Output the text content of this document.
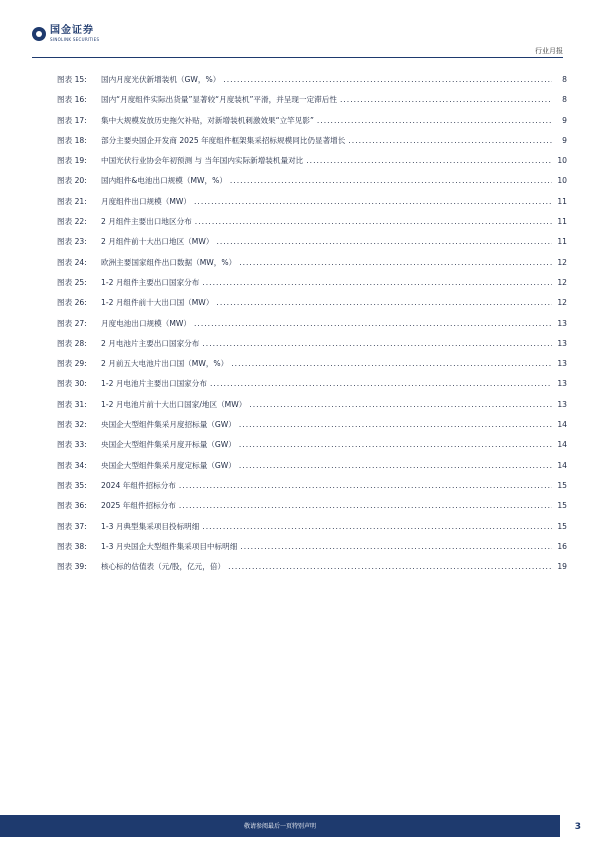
国金证券
SINOLINK SECURITIES
行业月报
图表 15:	国内月度光伏新增装机（GW，%） .....	8
图表 16:	国内“月度组件实际出货量”显著较“月度装机”平滑，并呈现一定滞后性 .....	8
图表 17:	集中大规模发放历史拖欠补贴，对新增装机刺激效果“立竿见影” .....	9
图表 18:	部分主要央国企开发商 2025 年度组件框架集采招标规模同比仍显著增长 .....	9
图表 19:	中国光伏行业协会年初预测 与 当年国内实际新增装机量对比 .....	10
图表 20:	国内组件&电池出口规模（MW，%） .....	10
图表 21:	月度组件出口规模（MW） .....	11
图表 22:	2 月组件主要出口地区分布 .....	11
图表 23:	2 月组件前十大出口地区（MW） .....	11
图表 24:	欧洲主要国家组件出口数据（MW，%） .....	12
图表 25:	1-2 月组件主要出口国家分布 .....	12
图表 26:	1-2 月组件前十大出口国（MW） .....	12
图表 27:	月度电池出口规模（MW） .....	13
图表 28:	2 月电池片主要出口国家分布 .....	13
图表 29:	2 月前五大电池片出口国（MW，%） .....	13
图表 30:	1-2 月电池片主要出口国家分布 .....	13
图表 31:	1-2 月电池片前十大出口国家/地区（MW） .....	13
图表 32:	央国企大型组件集采月度招标量（GW） .....	14
图表 33:	央国企大型组件集采月度开标量（GW） .....	14
图表 34:	央国企大型组件集采月度定标量（GW） .....	14
图表 35:	2024 年组件招标分布 .....	15
图表 36:	2025 年组件招标分布 .....	15
图表 37:	1-3 月典型集采项目投标明细 .....	15
图表 38:	1-3 月央国企大型组件集采项目中标明细 .....	16
图表 39:	核心标的估值表（元/股，亿元，倍） .....	19
敬请参阅最后一页特别声明	3
